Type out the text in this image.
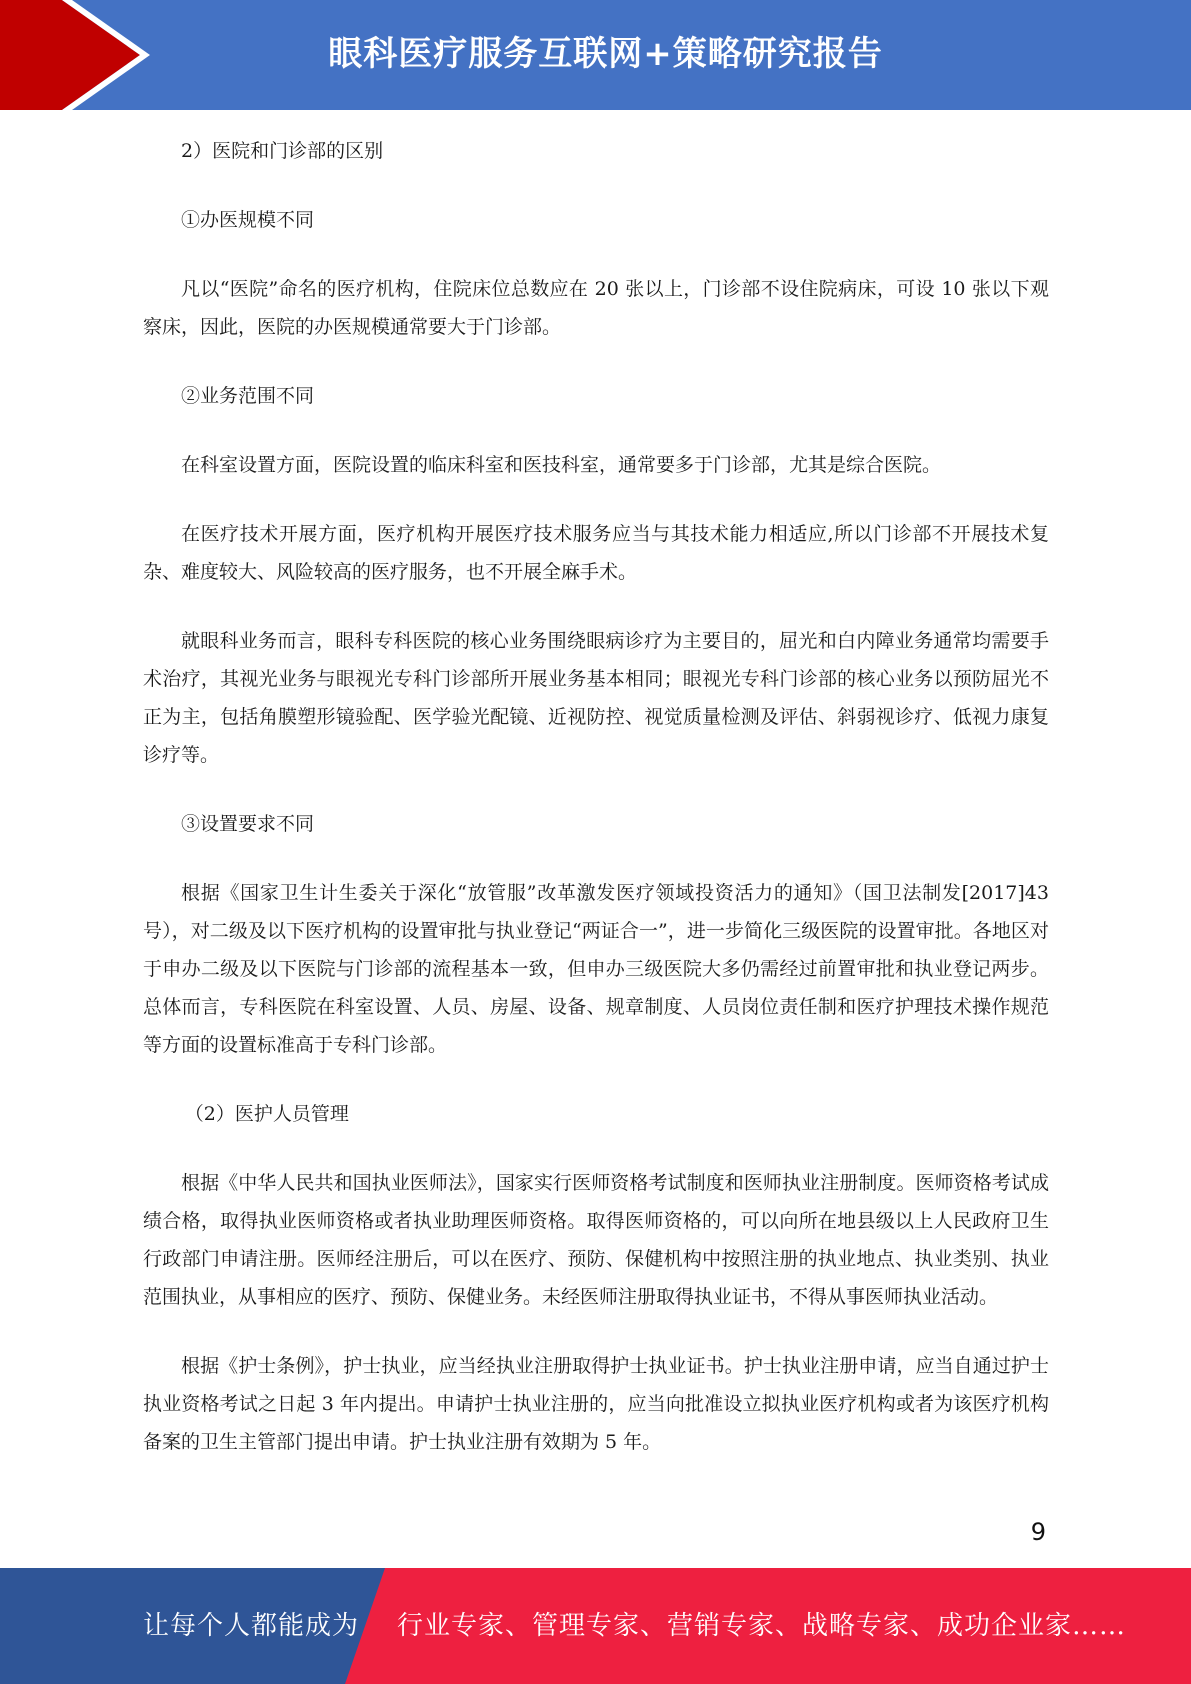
眼科医疗服务互联网+策略研究报告

2）医院和门诊部的区别

①办医规模不同

凡以“医院”命名的医疗机构，住院床位总数应在 20 张以上，门诊部不设住院病床，可设 10 张以下观察床，因此，医院的办医规模通常要大于门诊部。

②业务范围不同

在科室设置方面，医院设置的临床科室和医技科室，通常要多于门诊部，尤其是综合医院。

在医疗技术开展方面，医疗机构开展医疗技术服务应当与其技术能力相适应,所以门诊部不开展技术复杂、难度较大、风险较高的医疗服务，也不开展全麻手术。

就眼科业务而言，眼科专科医院的核心业务围绕眼病诊疗为主要目的，屈光和白内障业务通常均需要手术治疗，其视光业务与眼视光专科门诊部所开展业务基本相同；眼视光专科门诊部的核心业务以预防屈光不正为主，包括角膜塑形镜验配、医学验光配镜、近视防控、视觉质量检测及评估、斜弱视诊疗、低视力康复诊疗等。

③设置要求不同

根据《国家卫生计生委关于深化“放管服”改革激发医疗领域投资活力的通知》（国卫法制发[2017]43 号），对二级及以下医疗机构的设置审批与执业登记“两证合一”，进一步简化三级医院的设置审批。各地区对于申办二级及以下医院与门诊部的流程基本一致，但申办三级医院大多仍需经过前置审批和执业登记两步。总体而言，专科医院在科室设置、人员、房屋、设备、规章制度、人员岗位责任制和医疗护理技术操作规范等方面的设置标准高于专科门诊部。

（2）医护人员管理

根据《中华人民共和国执业医师法》，国家实行医师资格考试制度和医师执业注册制度。医师资格考试成绩合格，取得执业医师资格或者执业助理医师资格。取得医师资格的，可以向所在地县级以上人民政府卫生行政部门申请注册。医师经注册后，可以在医疗、预防、保健机构中按照注册的执业地点、执业类别、执业范围执业，从事相应的医疗、预防、保健业务。未经医师注册取得执业证书，不得从事医师执业活动。

根据《护士条例》，护士执业，应当经执业注册取得护士执业证书。护士执业注册申请，应当自通过护士执业资格考试之日起 3 年内提出。申请护士执业注册的，应当向批准设立拟执业医疗机构或者为该医疗机构备案的卫生主管部门提出申请。护士执业注册有效期为 5 年。

9
让每个人都能成为 行业专家、管理专家、营销专家、战略专家、成功企业家……
